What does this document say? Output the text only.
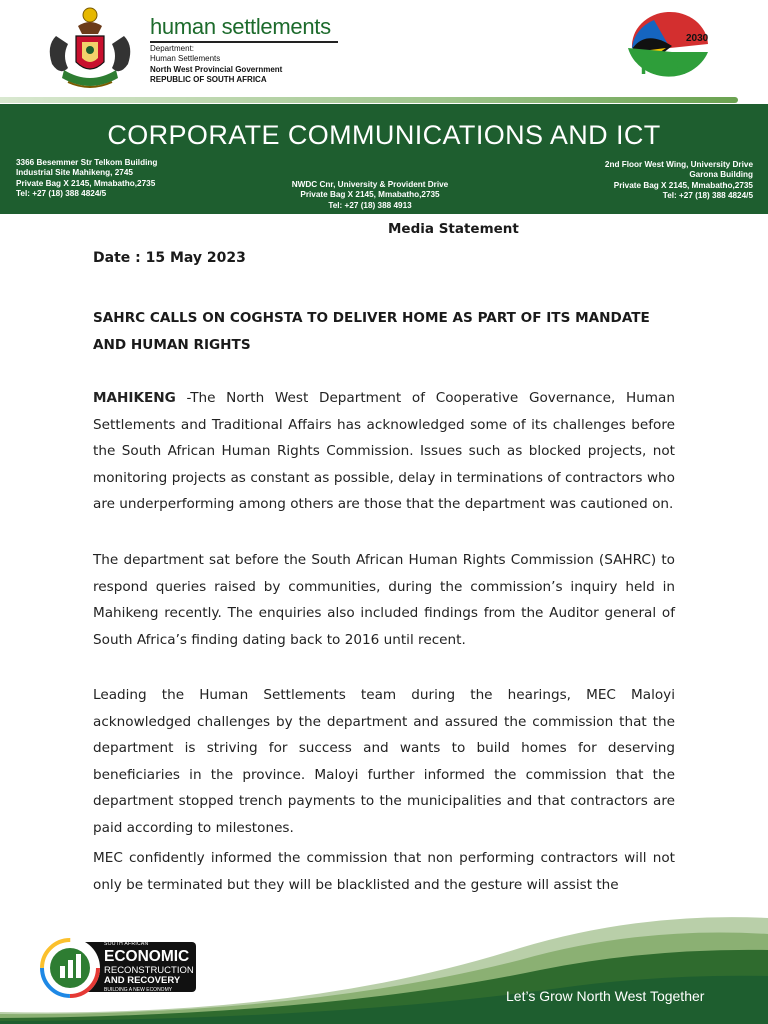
human settlements
Department:
Human Settlements
North West Provincial Government
REPUBLIC OF SOUTH AFRICA
2030
NDP
CORPORATE COMMUNICATIONS AND ICT
3366 Besemmer Str Telkom Building
Industrial Site Mahikeng, 2745
Private Bag X 2145, Mmabatho,2735
Tel: +27 (18) 388 4824/5
NWDC Cnr, University & Provident Drive
Private Bag X 2145, Mmabatho,2735
Tel: +27 (18) 388 4913
2nd Floor West Wing, University Drive
Garona Building
Private Bag X 2145, Mmabatho,2735
Tel: +27 (18) 388 4824/5
Media Statement
Date : 15 May 2023
SAHRC CALLS ON COGHSTA TO DELIVER HOME AS PART OF ITS MANDATE AND HUMAN RIGHTS
MAHIKENG -The North West Department of Cooperative Governance, Human Settlements and Traditional Affairs has acknowledged some of its challenges before the South African Human Rights Commission. Issues such as blocked projects, not monitoring projects as constant as possible, delay in terminations of contractors who are underperforming among others are those that the department was cautioned on.
The department sat before the South African Human Rights Commission (SAHRC) to respond queries raised by communities, during the commission’s inquiry held in Mahikeng recently. The enquiries also included findings from the Auditor general of South Africa’s finding dating back to 2016 until recent.
Leading the Human Settlements team during the hearings, MEC Maloyi acknowledged challenges by the department and assured the commission that the department is striving for success and wants to build homes for deserving beneficiaries in the province. Maloyi further informed the commission that the department stopped trench payments to the municipalities and that contractors are paid according to milestones.
MEC confidently informed the commission that non performing contractors will not only be terminated but they will be blacklisted and the gesture will assist the
SOUTH AFRICAN
ECONOMIC
RECONSTRUCTION
AND RECOVERY
BUILDING A NEW ECONOMY	Let’s Grow North West Together
